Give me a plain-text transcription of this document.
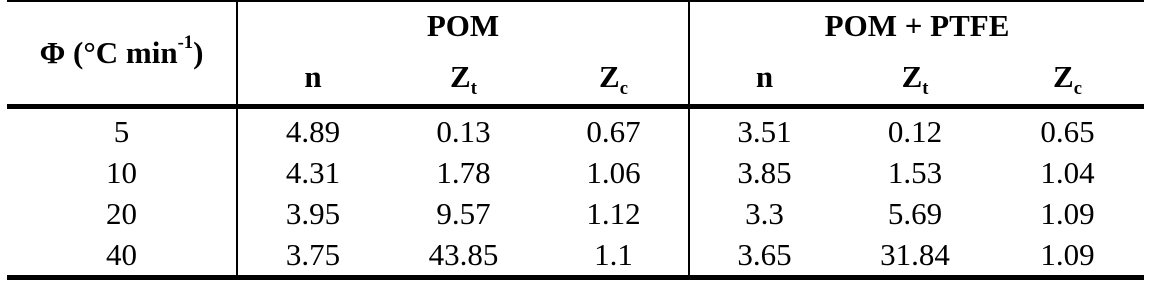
Φ (°C $\min^{-1}$)	POM			POM + PTFE		
	n	$Z_t$	$Z_c$	n	$Z_t$	$Z_c$
5	4.89	0.13	0.67	3.51	0.12	0.65
10	4.31	1.78	1.06	3.85	1.53	1.04
20	3.95	9.57	1.12	3.3	5.69	1.09
40	3.75	43.85	1.1	3.65	31.84	1.09
